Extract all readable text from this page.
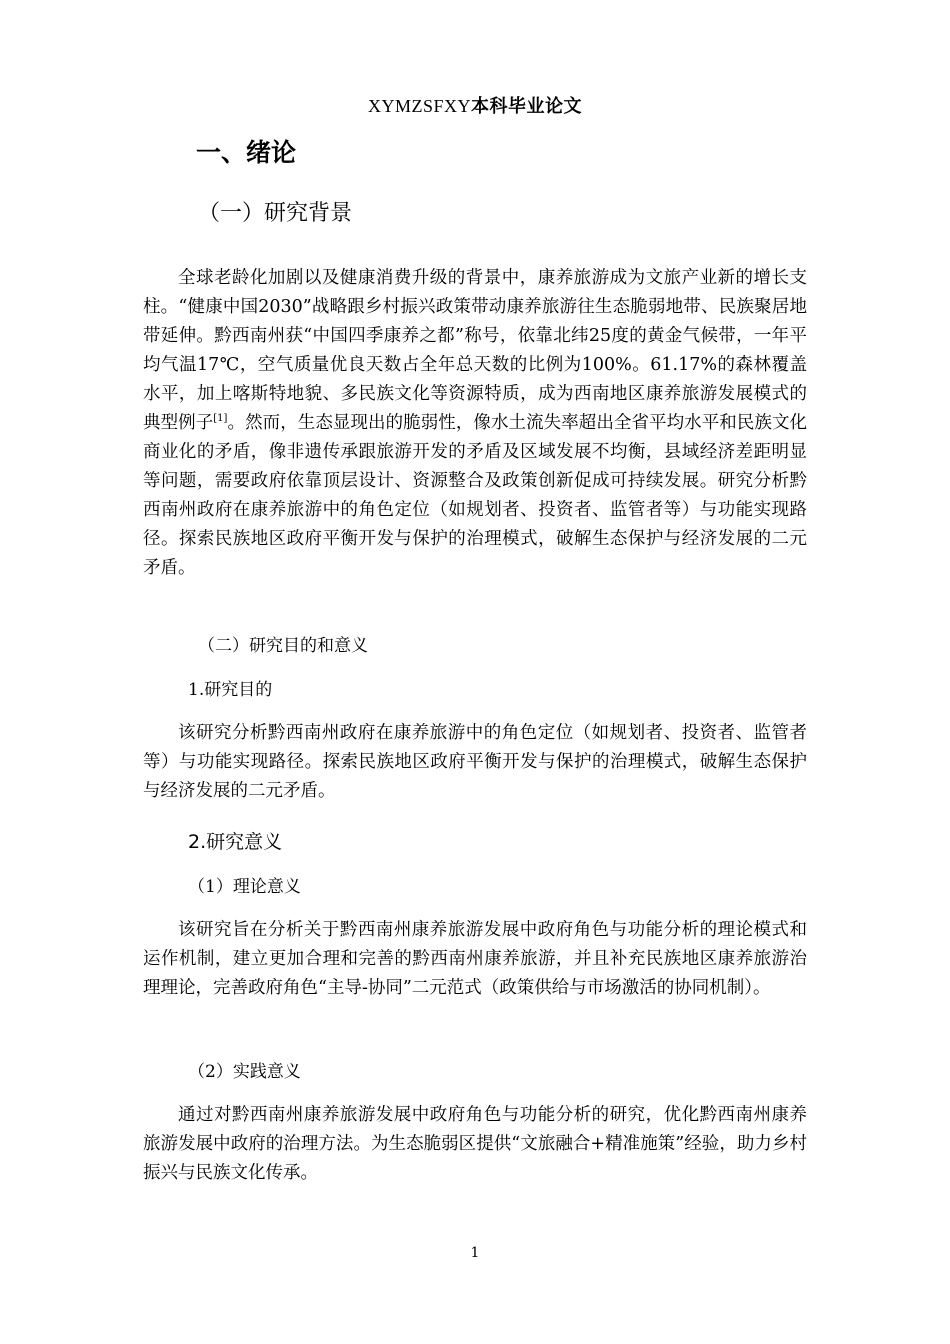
XYMZSFXY本科毕业论文
一、绪论
（一）研究背景

全球老龄化加剧以及健康消费升级的背景中，康养旅游成为文旅产业新的增长支柱。“健康中国2030”战略跟乡村振兴政策带动康养旅游往生态脆弱地带、民族聚居地带延伸。黔西南州获“中国四季康养之都”称号，依靠北纬25度的黄金气候带，一年平均气温17℃，空气质量优良天数占全年总天数的比例为100%。61.17%的森林覆盖水平，加上喀斯特地貌、多民族文化等资源特质，成为西南地区康养旅游发展模式的典型例子[1]。然而，生态显现出的脆弱性，像水土流失率超出全省平均水平和民族文化商业化的矛盾，像非遗传承跟旅游开发的矛盾及区域发展不均衡，县域经济差距明显等问题，需要政府依靠顶层设计、资源整合及政策创新促成可持续发展。研究分析黔西南州政府在康养旅游中的角色定位（如规划者、投资者、监管者等）与功能实现路径。探索民族地区政府平衡开发与保护的治理模式，破解生态保护与经济发展的二元矛盾。

（二）研究目的和意义
1.研究目的

该研究分析黔西南州政府在康养旅游中的角色定位（如规划者、投资者、监管者等）与功能实现路径。探索民族地区政府平衡开发与保护的治理模式，破解生态保护与经济发展的二元矛盾。

2.研究意义
（1）理论意义

该研究旨在分析关于黔西南州康养旅游发展中政府角色与功能分析的理论模式和运作机制，建立更加合理和完善的黔西南州康养旅游，并且补充民族地区康养旅游治理理论，完善政府角色“主导-协同”二元范式（政策供给与市场激活的协同机制）。

（2）实践意义

通过对黔西南州康养旅游发展中政府角色与功能分析的研究，优化黔西南州康养旅游发展中政府的治理方法。为生态脆弱区提供“文旅融合+精准施策”经验，助力乡村振兴与民族文化传承。

1
